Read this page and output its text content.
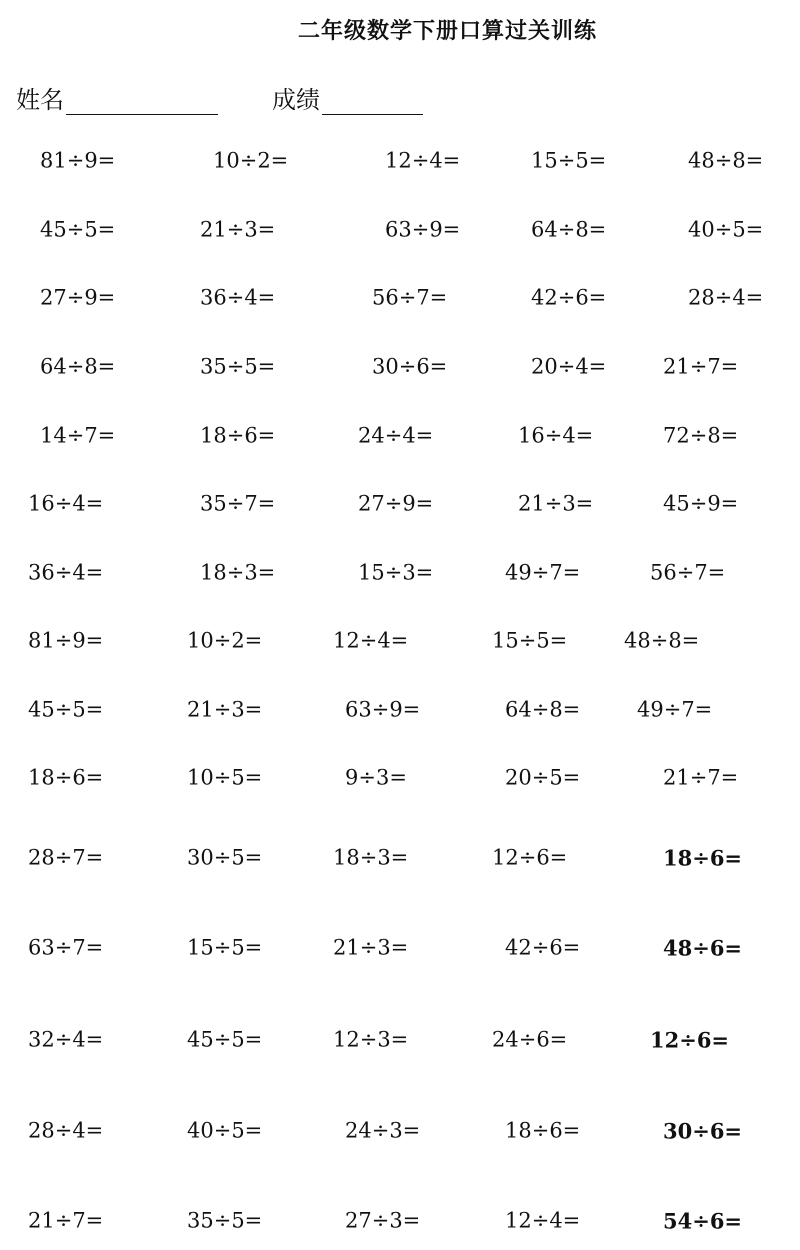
二年级数学下册口算过关训练
姓名	成绩
81÷9=	10÷2=	12÷4=	15÷5=	48÷8=
45÷5=	21÷3=	63÷9=	64÷8=	40÷5=
27÷9=	36÷4=	56÷7=	42÷6=	28÷4=
64÷8=	35÷5=	30÷6=	20÷4=	21÷7=
14÷7=	18÷6=	24÷4=	16÷4=	72÷8=
16÷4=	35÷7=	27÷9=	21÷3=	45÷9=
36÷4=	18÷3=	15÷3=	49÷7=	56÷7=
81÷9=	10÷2=	12÷4=	15÷5=	48÷8=
45÷5=	21÷3=	63÷9=	64÷8=	49÷7=
18÷6=	10÷5=	9÷3=	20÷5=	21÷7=
28÷7=	30÷5=	18÷3=	12÷6=	18÷6=
63÷7=	15÷5=	21÷3=	42÷6=	48÷6=
32÷4=	45÷5=	12÷3=	24÷6=	12÷6=
28÷4=	40÷5=	24÷3=	18÷6=	30÷6=
21÷7=	35÷5=	27÷3=	12÷4=	54÷6=
